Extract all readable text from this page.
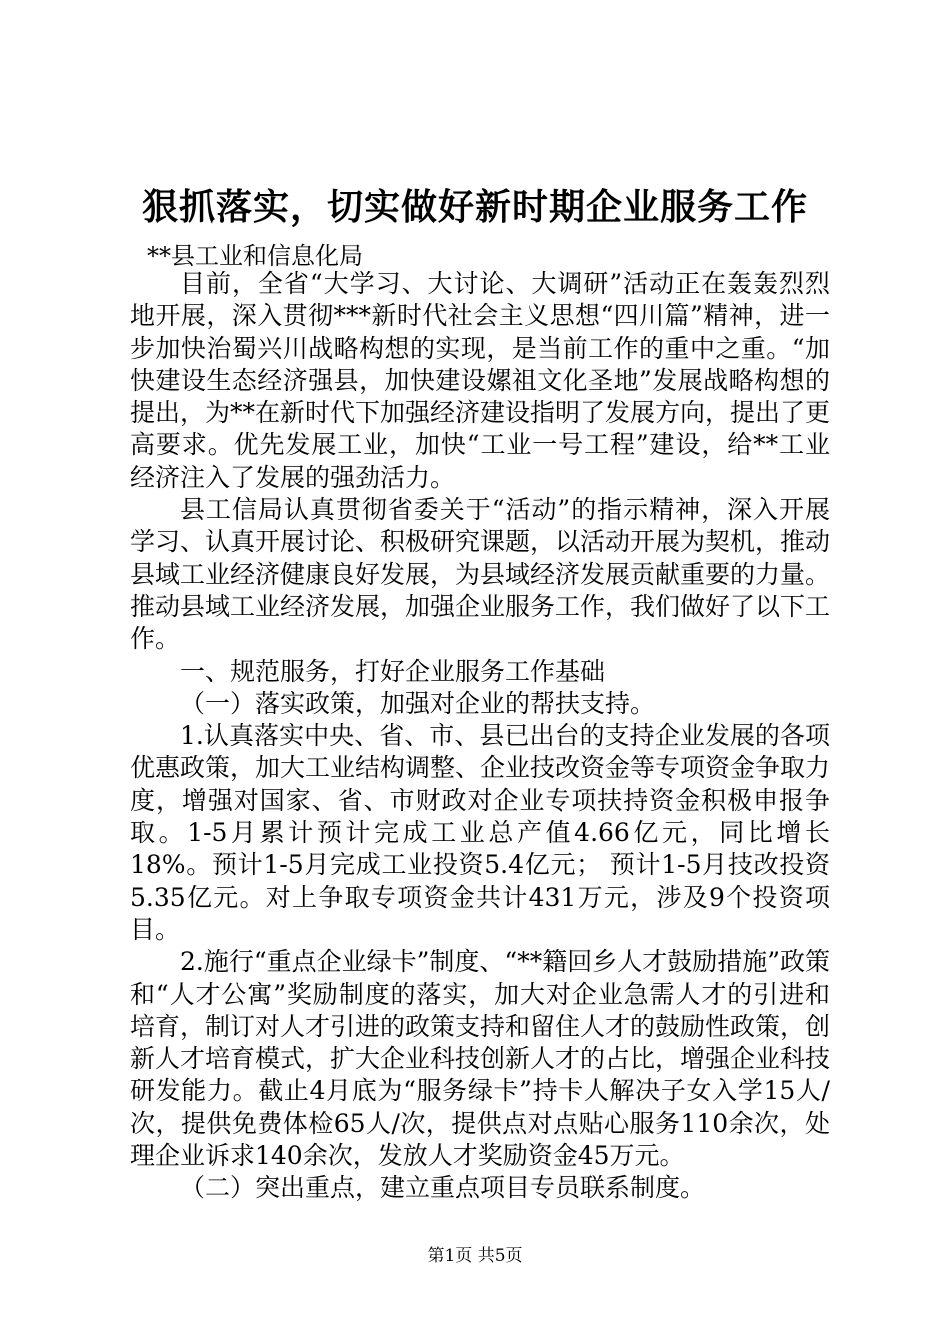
狠抓落实，切实做好新时期企业服务工作
**县工业和信息化局

目前，全省“大学习、大讨论、大调研”活动正在轰轰烈烈地开展，深入贯彻***新时代社会主义思想“四川篇”精神，进一步加快治蜀兴川战略构想的实现，是当前工作的重中之重。“加快建设生态经济强县，加快建设嫘祖文化圣地”发展战略构想的提出，为**在新时代下加强经济建设指明了发展方向，提出了更高要求。优先发展工业，加快“工业一号工程”建设，给**工业经济注入了发展的强劲活力。

县工信局认真贯彻省委关于“活动”的指示精神，深入开展学习、认真开展讨论、积极研究课题，以活动开展为契机，推动县域工业经济健康良好发展，为县域经济发展贡献重要的力量。推动县域工业经济发展，加强企业服务工作，我们做好了以下工作。

一、规范服务，打好企业服务工作基础

（一）落实政策，加强对企业的帮扶支持。

1.认真落实中央、省、市、县已出台的支持企业发展的各项优惠政策，加大工业结构调整、企业技改资金等专项资金争取力度，增强对国家、省、市财政对企业专项扶持资金积极申报争取。1-5月累计预计完成工业总产值4.66亿元，同比增长18%。预计1-5月完成工业投资5.4亿元； 预计1-5月技改投资5.35亿元。对上争取专项资金共计431万元，涉及9个投资项目。

2.施行“重点企业绿卡”制度、“**籍回乡人才鼓励措施”政策和“人才公寓”奖励制度的落实，加大对企业急需人才的引进和培育，制订对人才引进的政策支持和留住人才的鼓励性政策，创新人才培育模式，扩大企业科技创新人才的占比，增强企业科技研发能力。截止4月底为“服务绿卡”持卡人解决子女入学15人/次，提供免费体检65人/次，提供点对点贴心服务110余次，处理企业诉求140余次，发放人才奖励资金45万元。

（二）突出重点，建立重点项目专员联系制度。

第1页 共5页
